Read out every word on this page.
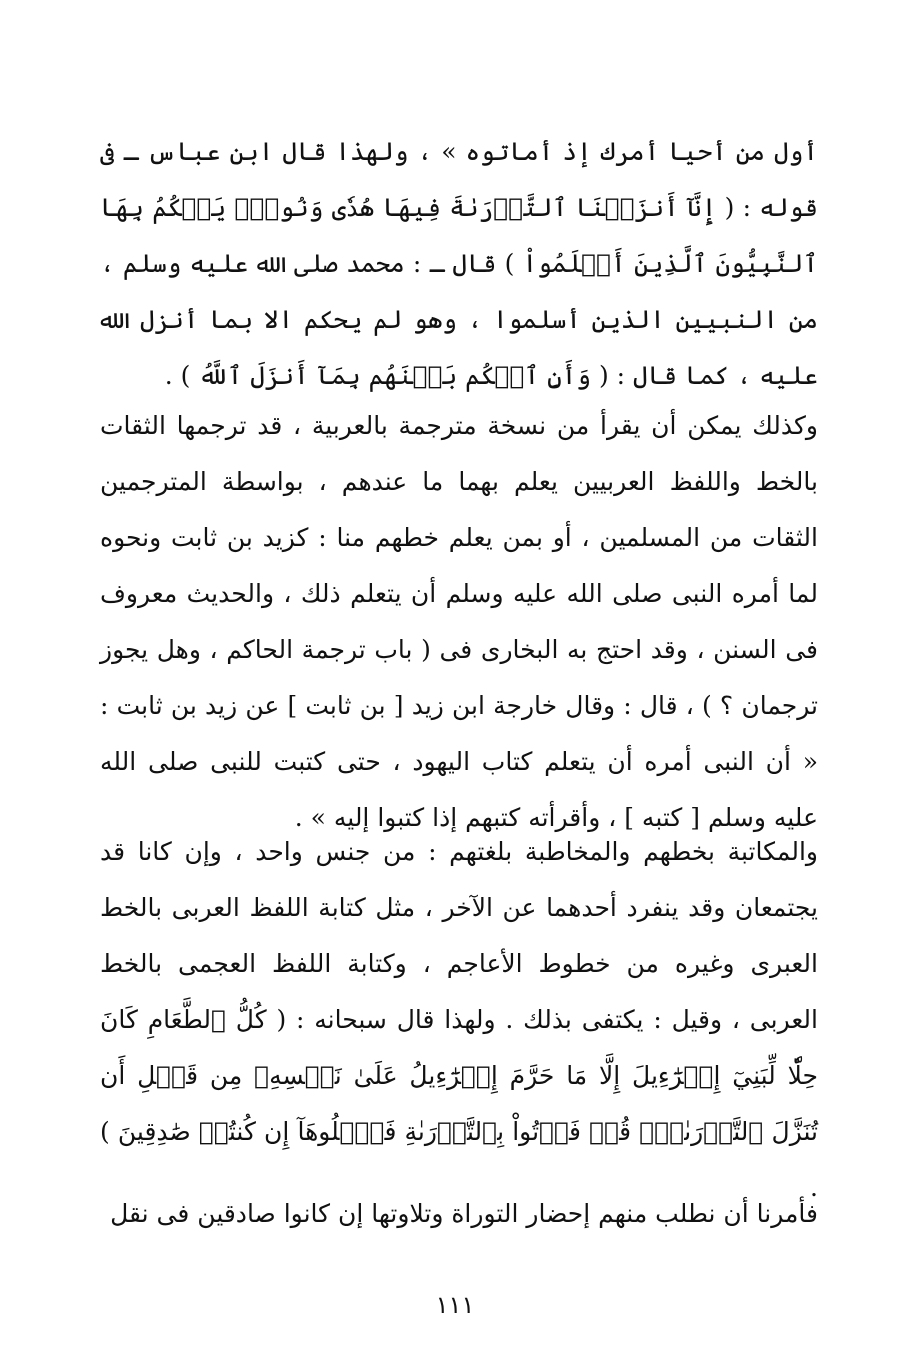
أول من أحيا أمرك إذ أماتوه » ، ولهذا قال ابن عباس ـ فى قوله : ( إِنَّآ أَنزَلۡنَا ٱلتَّوۡرَىٰةَ فِيهَا هُدٗى وَنُورٞۚ يَحۡكُمُ بِهَا ٱلنَّبِيُّونَ ٱلَّذِينَ أَسۡلَمُواْ ) قال ـ : محمد صلى الله عليه وسلم ، من النبيين الذين أسلموا ، وهو لم يحكم الا بما أنزل الله عليه ، كما قال : ( وَأَنِ ٱحۡكُم بَيۡنَهُم بِمَآ أَنزَلَ ٱللَّهُ ) .

وكذلك يمكن أن يقرأ من نسخة مترجمة بالعربية ، قد ترجمها الثقات بالخط واللفظ العربيين يعلم بهما ما عندهم ، بواسطة المترجمين الثقات من المسلمين ، أو بمن يعلم خطهم منا : كزيد بن ثابت ونحوه لما أمره النبى صلى الله عليه وسلم أن يتعلم ذلك ، والحديث معروف فى السنن ، وقد احتج به البخارى فى ( باب ترجمة الحاكم ، وهل يجوز ترجمان ؟ ) ، قال : وقال خارجة ابن زيد [ بن ثابت ] عن زيد بن ثابت : « أن النبى أمره أن يتعلم كتاب اليهود ، حتى كتبت للنبى صلى الله عليه وسلم [ كتبه ] ، وأقرأته كتبهم إذا كتبوا إليه » .

والمكاتبة بخطهم والمخاطبة بلغتهم : من جنس واحد ، وإن كانا قد يجتمعان وقد ينفرد أحدهما عن الآخر ، مثل كتابة اللفظ العربى بالخط العبرى وغيره من خطوط الأعاجم ، وكتابة اللفظ العجمى بالخط العربى ، وقيل : يكتفى بذلك . ولهذا قال سبحانه : ( كُلُّ ٱلطَّعَامِ كَانَ حِلّٗا لِّبَنِيٓ إِسۡرَٰٓءِيلَ إِلَّا مَا حَرَّمَ إِسۡرَٰٓءِيلُ عَلَىٰ نَفۡسِهِۦ مِن قَبۡلِ أَن تُنَزَّلَ ٱلتَّوۡرَىٰةُۗ قُلۡ فَأۡتُواْ بِٱلتَّوۡرَىٰةِ فَٱتۡلُوهَآ إِن كُنتُمۡ صَٰدِقِينَ ) .

فأمرنا أن نطلب منهم إحضار التوراة وتلاوتها إن كانوا صادقين فى نقل

١١١
